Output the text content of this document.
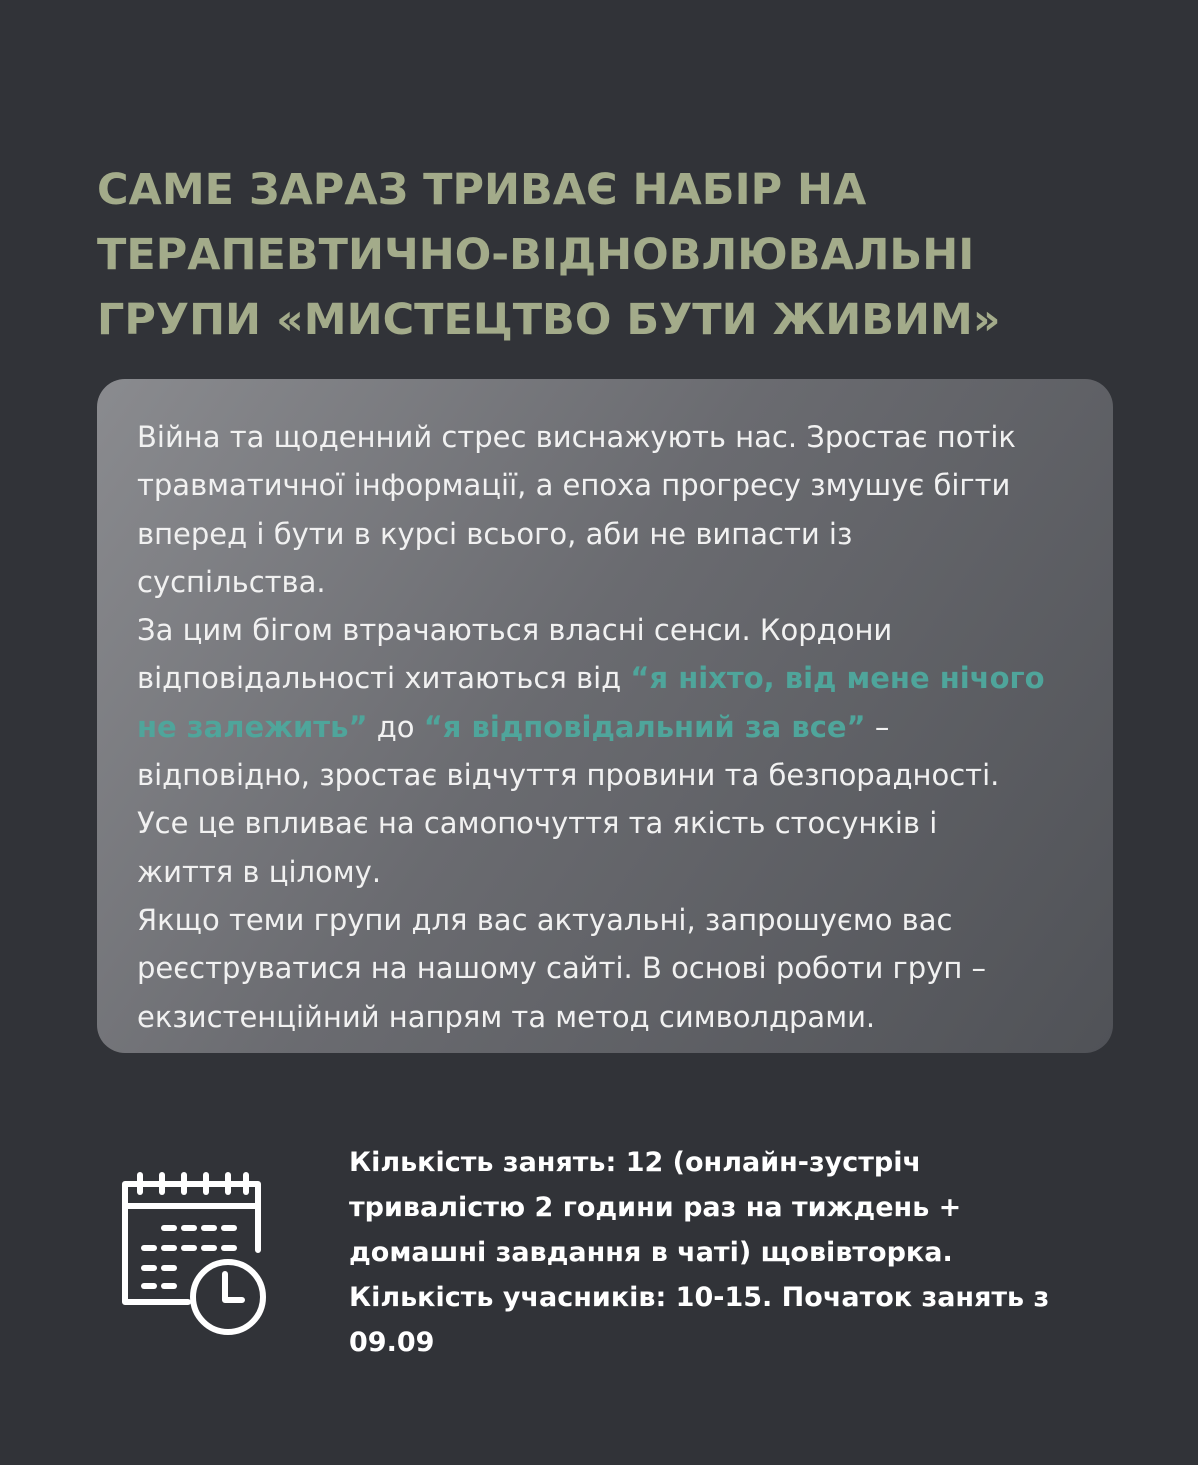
САМЕ ЗАРАЗ ТРИВАЄ НАБІР НА
ТЕРАПЕВТИЧНО-ВІДНОВЛЮВАЛЬНІ
ГРУПИ «МИСТЕЦТВО БУТИ ЖИВИМ»

Війна та щоденний стрес виснажують нас. Зростає потік
травматичної інформації, а епоха прогресу змушує бігти
вперед і бути в курсі всього, аби не випасти із
суспільства.
За цим бігом втрачаються власні сенси. Кордони
відповідальності хитаються від “я ніхто, від мене нічого
не залежить” до “я відповідальний за все” –
відповідно, зростає відчуття провини та безпорадності.
Усе це впливає на самопочуття та якість стосунків і
життя в цілому.
Якщо теми групи для вас актуальні, запрошуємо вас
реєструватися на нашому сайті. В основі роботи груп –
екзистенційний напрям та метод символдрами.

Кількість занять: 12 (онлайн-зустріч
тривалістю 2 години раз на тиждень +
домашні завдання в чаті) щовівторка.
Кількість учасників: 10-15. Початок занять з
09.09
